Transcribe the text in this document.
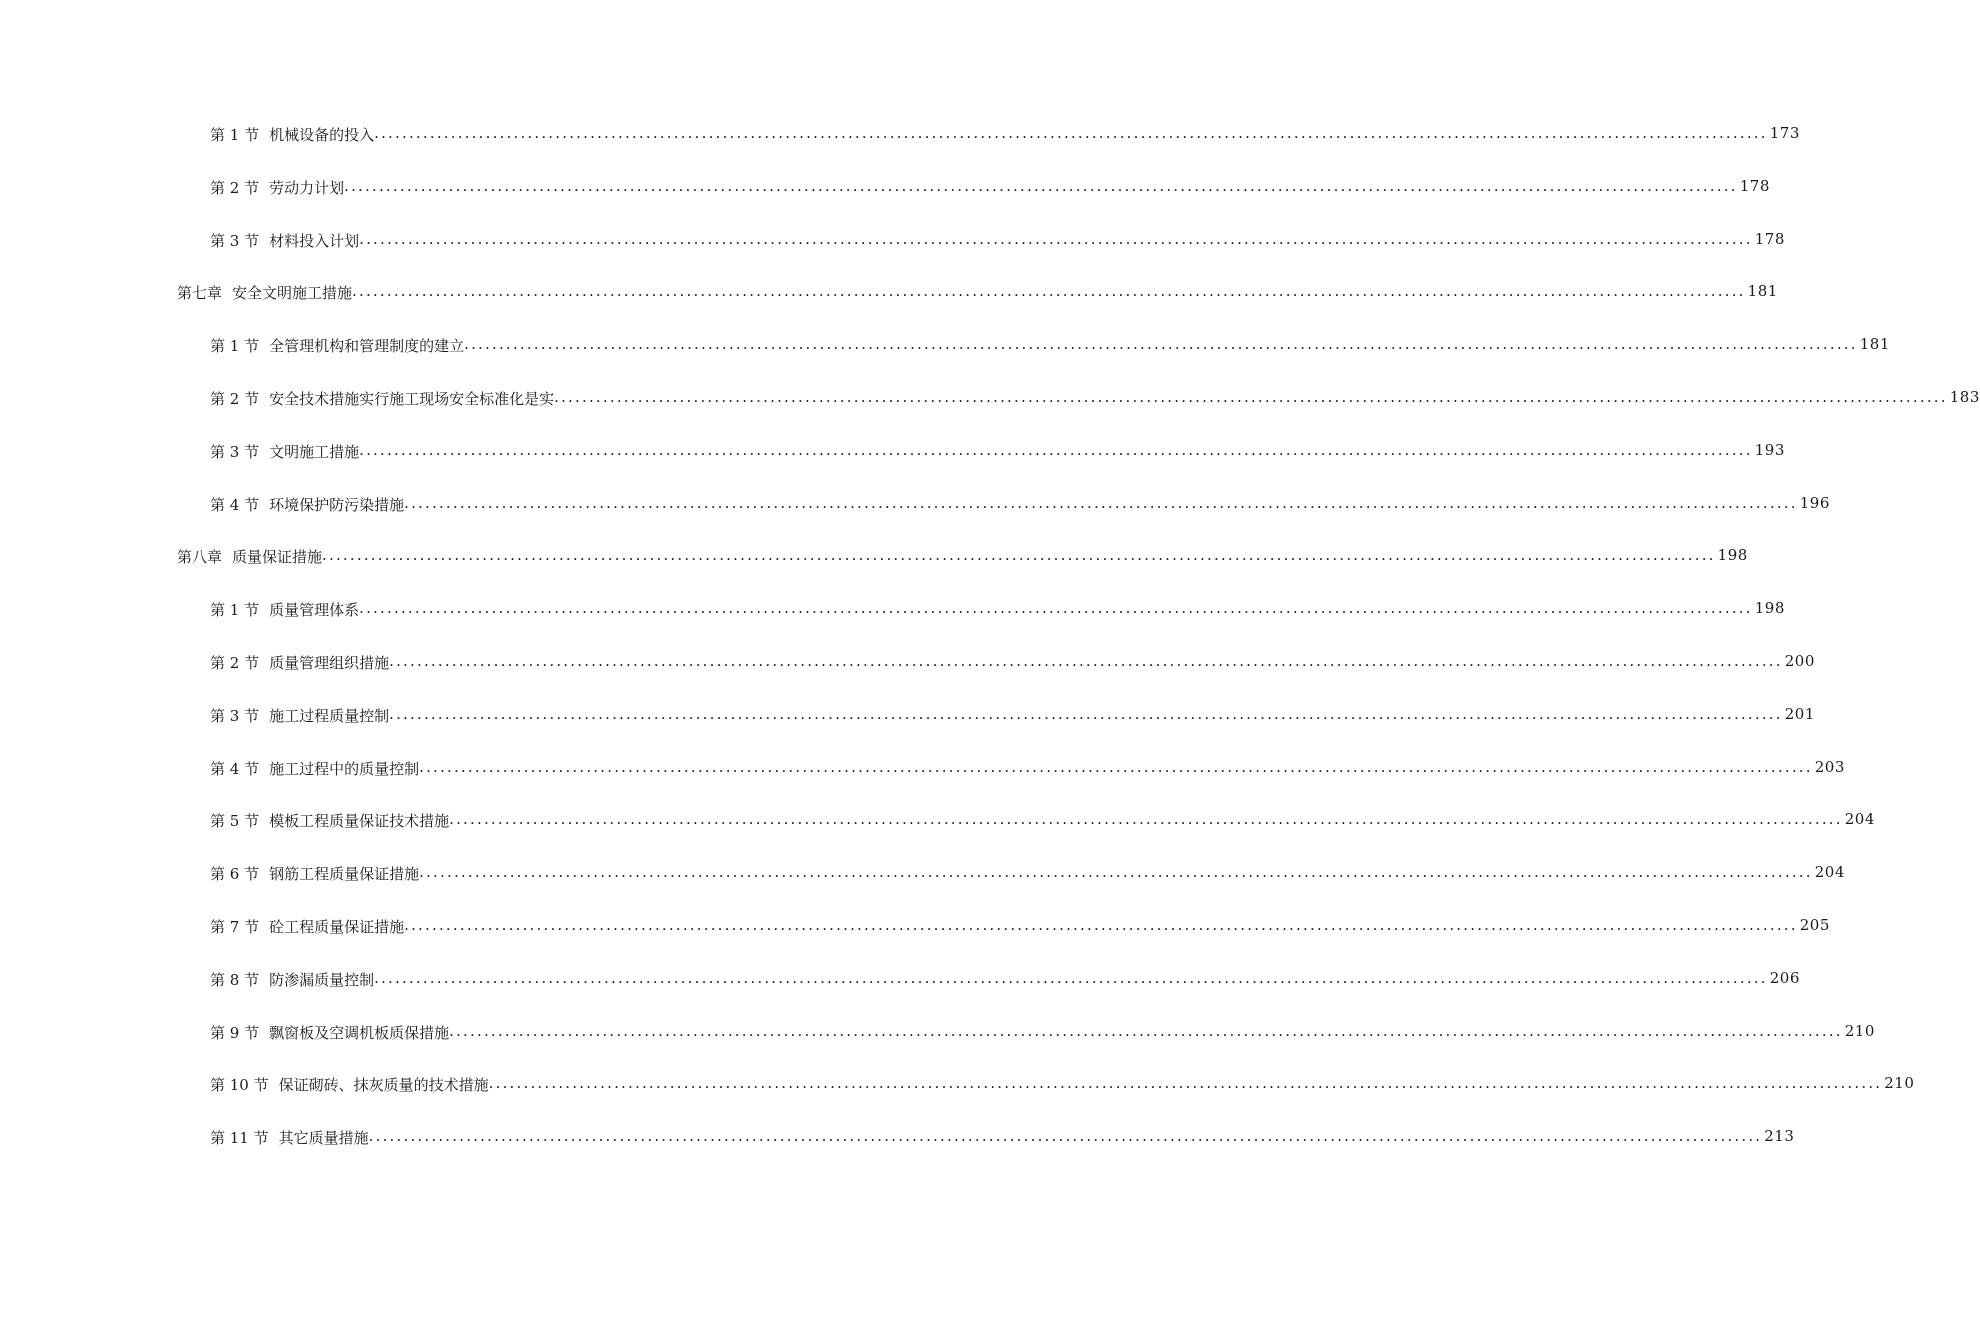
第 1 节 机械设备的投入 ........................................................................................................................................................................................................ 173
第 2 节 劳动力计划 ........................................................................................................................................................................................................ 178
第 3 节 材料投入计划 ........................................................................................................................................................................................................ 178
第七章 安全文明施工措施 ........................................................................................................................................................................................................ 181
第 1 节 全管理机构和管理制度的建立 ........................................................................................................................................................................................................ 181
第 2 节 安全技术措施实行施工现场安全标准化是实 ........................................................................................................................................................................................................ 183
第 3 节 文明施工措施 ........................................................................................................................................................................................................ 193
第 4 节 环境保护防污染措施 ........................................................................................................................................................................................................ 196
第八章 质量保证措施 ........................................................................................................................................................................................................ 198
第 1 节 质量管理体系 ........................................................................................................................................................................................................ 198
第 2 节 质量管理组织措施 ........................................................................................................................................................................................................ 200
第 3 节 施工过程质量控制 ........................................................................................................................................................................................................ 201
第 4 节 施工过程中的质量控制 ........................................................................................................................................................................................................ 203
第 5 节 模板工程质量保证技术措施 ........................................................................................................................................................................................................ 204
第 6 节 钢筋工程质量保证措施 ........................................................................................................................................................................................................ 204
第 7 节 砼工程质量保证措施 ........................................................................................................................................................................................................ 205
第 8 节 防渗漏质量控制 ........................................................................................................................................................................................................ 206
第 9 节 飘窗板及空调机板质保措施 ........................................................................................................................................................................................................ 210
第 10 节 保证砌砖、抹灰质量的技术措施 ........................................................................................................................................................................................................ 210
第 11 节 其它质量措施 ........................................................................................................................................................................................................ 213
